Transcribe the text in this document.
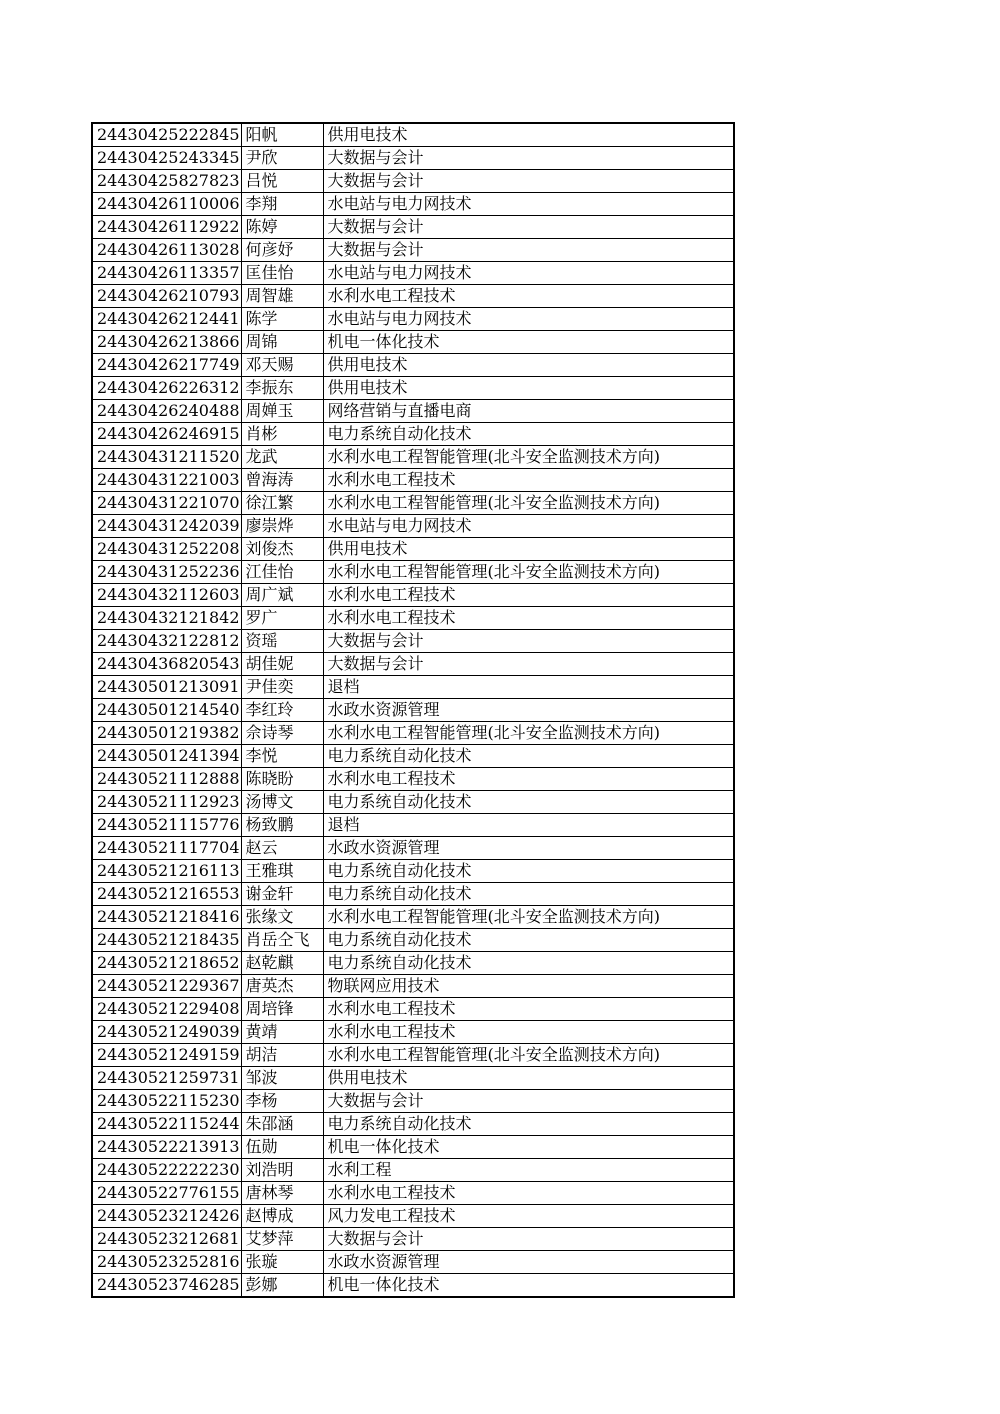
24430425222845	阳帆	供用电技术
24430425243345	尹欣	大数据与会计
24430425827823	吕悦	大数据与会计
24430426110006	李翔	水电站与电力网技术
24430426112922	陈婷	大数据与会计
24430426113028	何彦妤	大数据与会计
24430426113357	匡佳怡	水电站与电力网技术
24430426210793	周智雄	水利水电工程技术
24430426212441	陈学	水电站与电力网技术
24430426213866	周锦	机电一体化技术
24430426217749	邓天赐	供用电技术
24430426226312	李振东	供用电技术
24430426240488	周婵玉	网络营销与直播电商
24430426246915	肖彬	电力系统自动化技术
24430431211520	龙武	水利水电工程智能管理(北斗安全监测技术方向)
24430431221003	曾海涛	水利水电工程技术
24430431221070	徐江繁	水利水电工程智能管理(北斗安全监测技术方向)
24430431242039	廖崇烨	水电站与电力网技术
24430431252208	刘俊杰	供用电技术
24430431252236	江佳怡	水利水电工程智能管理(北斗安全监测技术方向)
24430432112603	周广斌	水利水电工程技术
24430432121842	罗广	水利水电工程技术
24430432122812	资瑶	大数据与会计
24430436820543	胡佳妮	大数据与会计
24430501213091	尹佳奕	退档
24430501214540	李红玲	水政水资源管理
24430501219382	佘诗琴	水利水电工程智能管理(北斗安全监测技术方向)
24430501241394	李悦	电力系统自动化技术
24430521112888	陈晓盼	水利水电工程技术
24430521112923	汤博文	电力系统自动化技术
24430521115776	杨致鹏	退档
24430521117704	赵云	水政水资源管理
24430521216113	王雅琪	电力系统自动化技术
24430521216553	谢金轩	电力系统自动化技术
24430521218416	张缘文	水利水电工程智能管理(北斗安全监测技术方向)
24430521218435	肖岳仝飞	电力系统自动化技术
24430521218652	赵乾麒	电力系统自动化技术
24430521229367	唐英杰	物联网应用技术
24430521229408	周培锋	水利水电工程技术
24430521249039	黄靖	水利水电工程技术
24430521249159	胡洁	水利水电工程智能管理(北斗安全监测技术方向)
24430521259731	邹波	供用电技术
24430522115230	李杨	大数据与会计
24430522115244	朱邵涵	电力系统自动化技术
24430522213913	伍勋	机电一体化技术
24430522222230	刘浩明	水利工程
24430522776155	唐林琴	水利水电工程技术
24430523212426	赵博成	风力发电工程技术
24430523212681	艾梦萍	大数据与会计
24430523252816	张璇	水政水资源管理
24430523746285	彭娜	机电一体化技术
